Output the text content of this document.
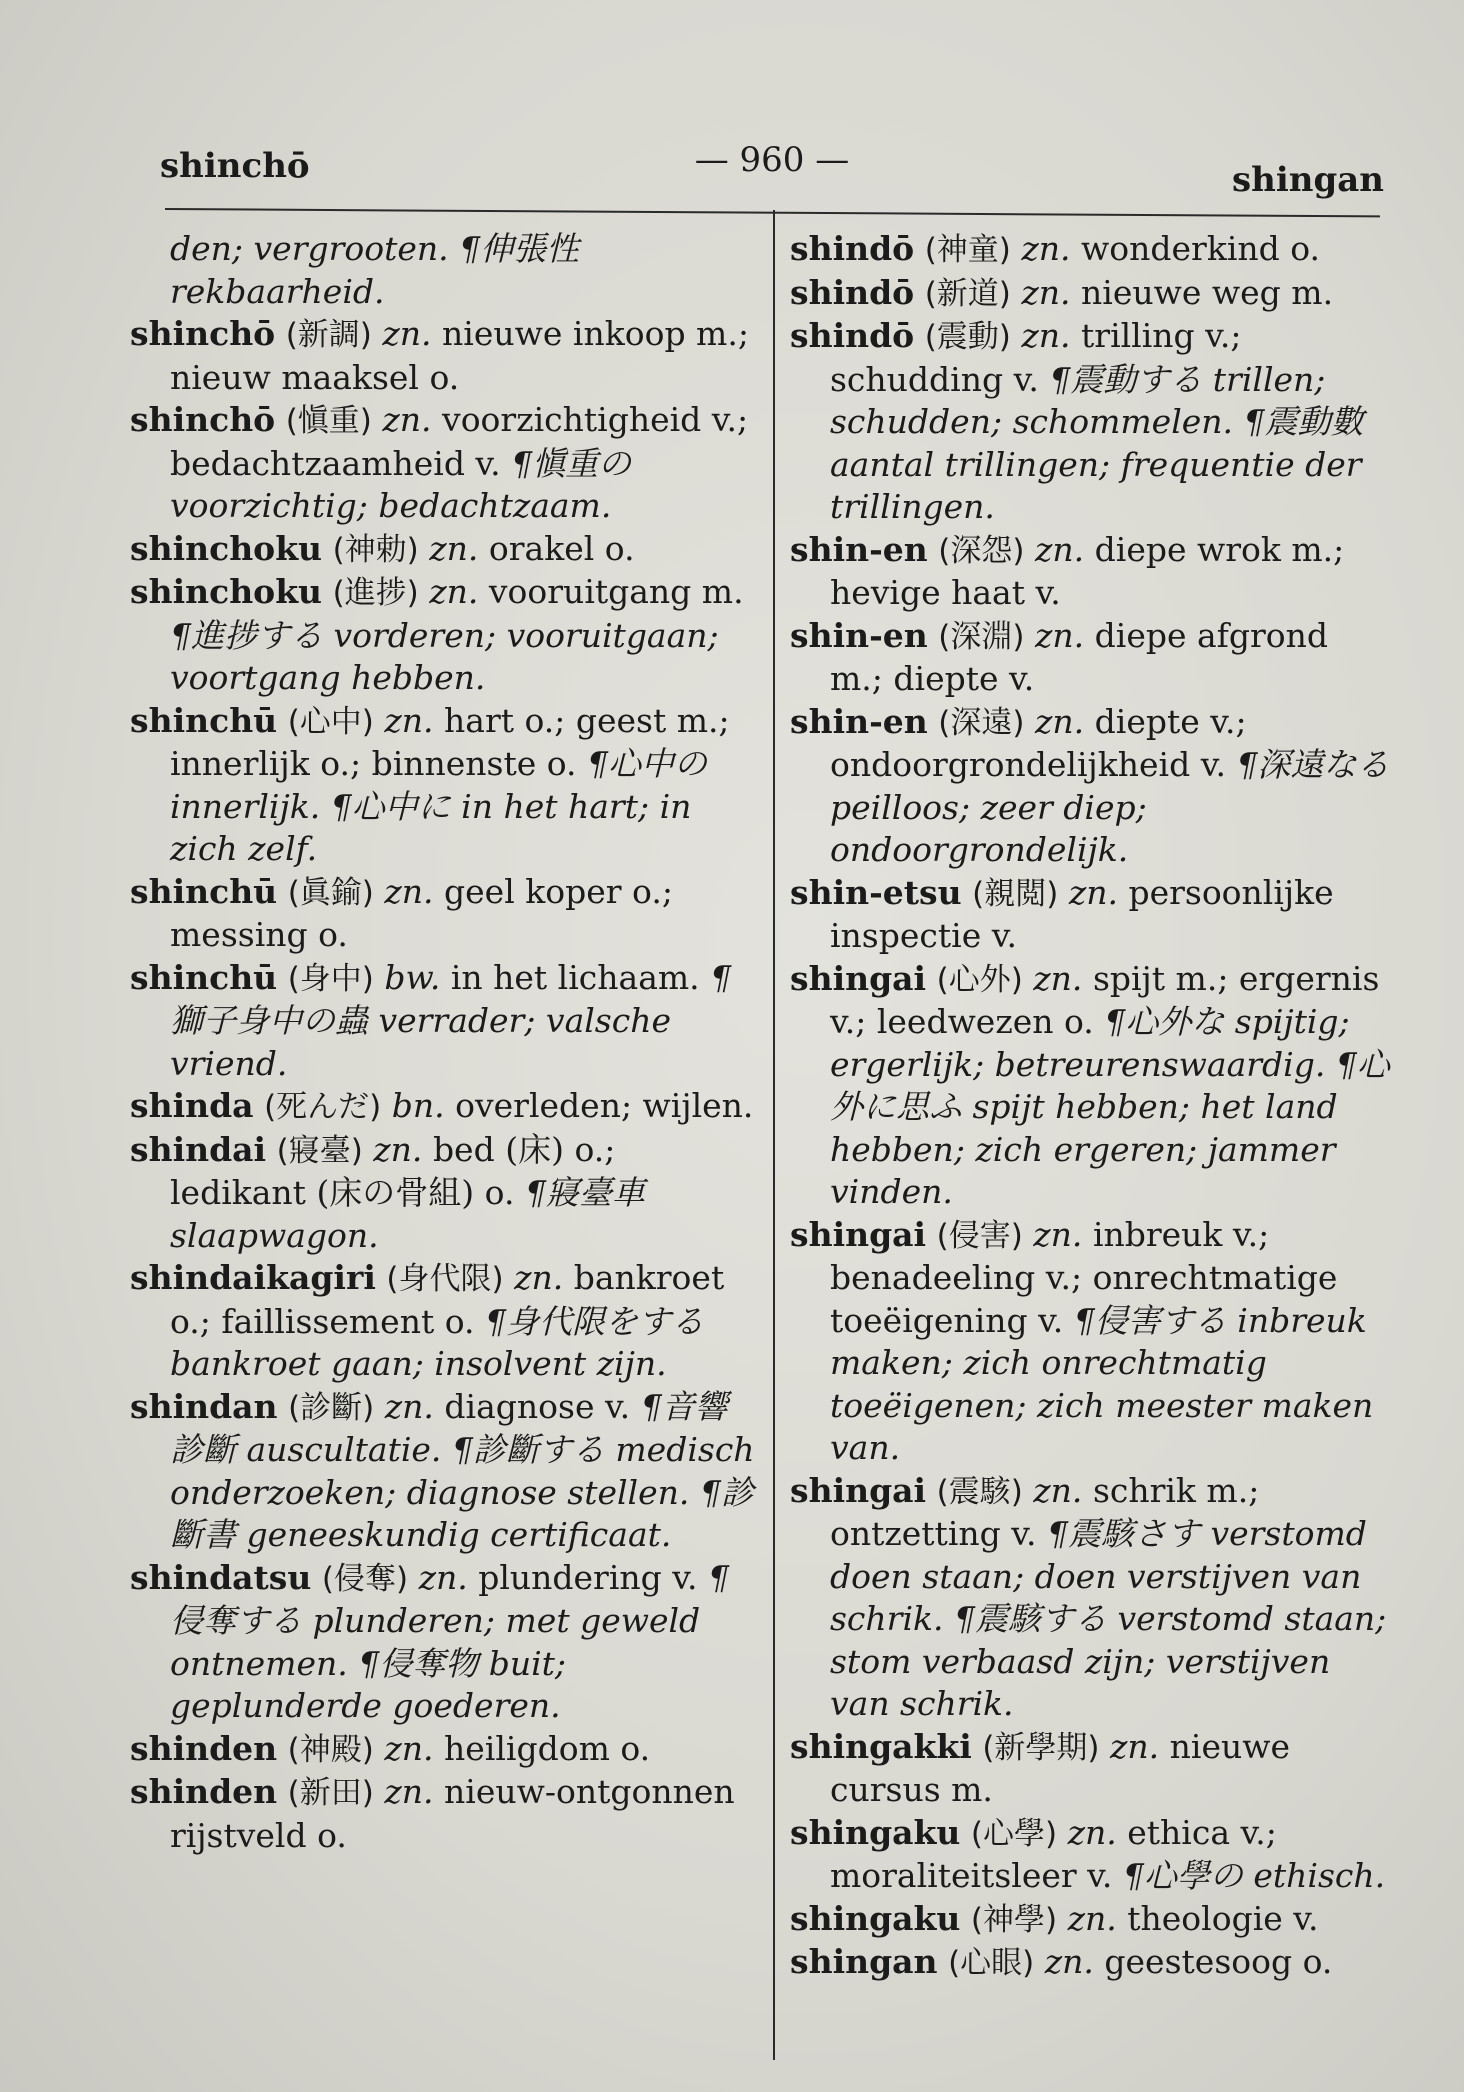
shinchō	— 960 —	shingan

den; vergrooten. ¶伸張性 rekbaarheid.

shinchō (新調) zn. nieuwe inkoop m.; nieuw maaksel o.

shinchō (愼重) zn. voorzichtigheid v.; bedachtzaamheid v. ¶愼重の voorzichtig; bedachtzaam.

shinchoku (神勅) zn. orakel o.

shinchoku (進捗) zn. vooruitgang m. ¶進捗する vorderen; vooruitgaan; voortgang hebben.

shinchū (心中) zn. hart o.; geest m.; innerlijk o.; binnenste o. ¶心中の innerlijk. ¶心中に in het hart; in zich zelf.

shinchū (眞鍮) zn. geel koper o.; messing o.

shinchū (身中) bw. in het lichaam. ¶獅子身中の蟲 verrader; valsche vriend.

shinda (死んだ) bn. overleden; wijlen.

shindai (寢臺) zn. bed (床) o.; ledikant (床の骨組) o. ¶寢臺車 slaapwagon.

shindaikagiri (身代限) zn. bankroet o.; faillissement o. ¶身代限をする bankroet gaan; insolvent zijn.

shindan (診斷) zn. diagnose v. ¶音響診斷 auscultatie. ¶診斷する medisch onderzoeken; diagnose stellen. ¶診斷書 geneeskundig certificaat.

shindatsu (侵奪) zn. plundering v. ¶侵奪する plunderen; met geweld ontnemen. ¶侵奪物 buit; geplunderde goederen.

shinden (神殿) zn. heiligdom o.

shinden (新田) zn. nieuw-ontgonnen rijstveld o.

shindō (神童) zn. wonderkind o.

shindō (新道) zn. nieuwe weg m.

shindō (震動) zn. trilling v.; schudding v. ¶震動する trillen; schudden; schommelen. ¶震動數 aantal trillingen; frequentie der trillingen.

shin-en (深怨) zn. diepe wrok m.; hevige haat v.

shin-en (深淵) zn. diepe afgrond m.; diepte v.

shin-en (深遠) zn. diepte v.; ondoorgrondelijkheid v. ¶深遠なる peilloos; zeer diep; ondoorgrondelijk.

shin-etsu (親閲) zn. persoonlijke inspectie v.

shingai (心外) zn. spijt m.; ergernis v.; leedwezen o. ¶心外な spijtig; ergerlijk; betreurenswaardig. ¶心外に思ふ spijt hebben; het land hebben; zich ergeren; jammer vinden.

shingai (侵害) zn. inbreuk v.; benadeeling v.; onrechtmatige toeëigening v. ¶侵害する inbreuk maken; zich onrechtmatig toeëigenen; zich meester maken van.

shingai (震駭) zn. schrik m.; ontzetting v. ¶震駭さす verstomd doen staan; doen verstijven van schrik. ¶震駭する verstomd staan; stom verbaasd zijn; verstijven van schrik.

shingakki (新學期) zn. nieuwe cursus m.

shingaku (心學) zn. ethica v.; moraliteitsleer v. ¶心學の ethisch.

shingaku (神學) zn. theologie v.

shingan (心眼) zn. geestesoog o.
